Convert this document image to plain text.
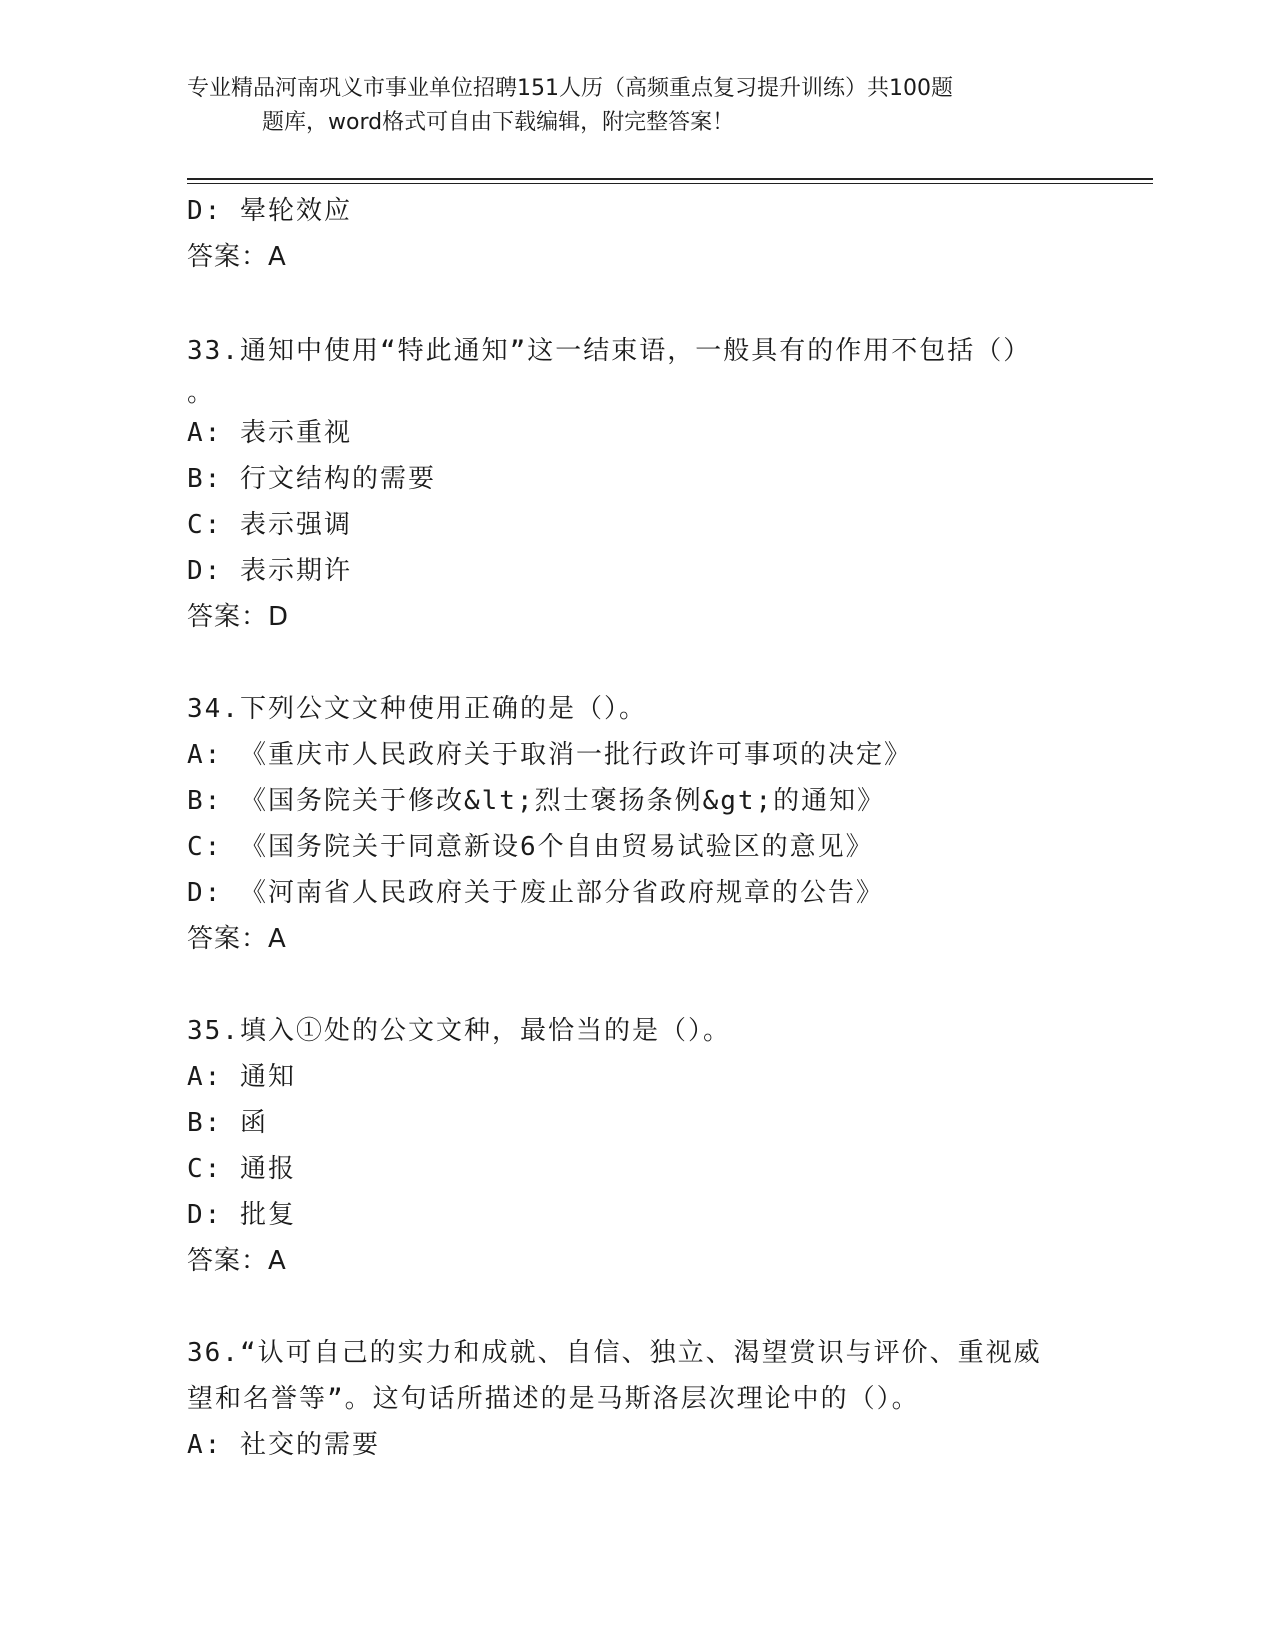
专业精品河南巩义市事业单位招聘151人历（高频重点复习提升训练）共100题
题库，word格式可自由下载编辑，附完整答案！
D: 晕轮效应
答案：A
33.通知中使用“特此通知”这一结束语，一般具有的作用不包括（）
。
A: 表示重视
B: 行文结构的需要
C: 表示强调
D: 表示期许
答案：D
34.下列公文文种使用正确的是（）。
A: 《重庆市人民政府关于取消一批行政许可事项的决定》
B: 《国务院关于修改&lt;烈士褒扬条例&gt;的通知》
C: 《国务院关于同意新设6个自由贸易试验区的意见》
D: 《河南省人民政府关于废止部分省政府规章的公告》
答案：A
35.填入①处的公文文种，最恰当的是（）。
A: 通知
B: 函
C: 通报
D: 批复
答案：A
36.“认可自己的实力和成就、自信、独立、渴望赏识与评价、重视威
望和名誉等”。这句话所描述的是马斯洛层次理论中的（）。
A: 社交的需要
